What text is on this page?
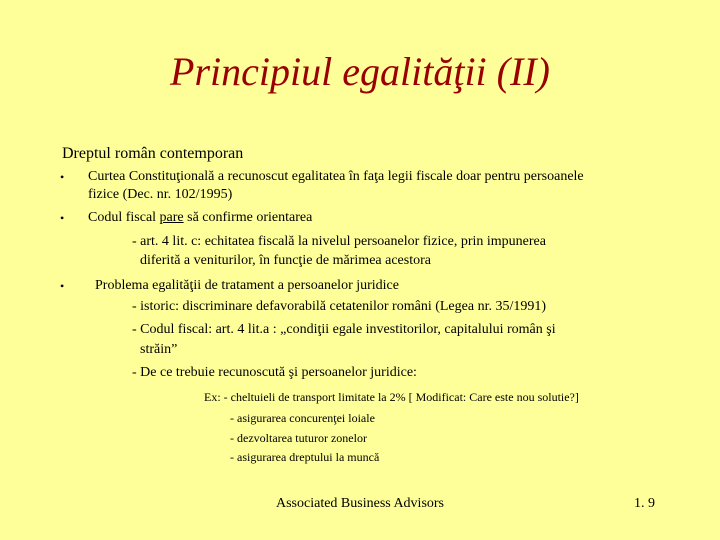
Principiul egalităţii (II)
Dreptul român contemporan
• Curtea Constituţională a recunoscut egalitatea în faţa legii fiscale doar pentru persoanele
fizice (Dec. nr. 102/1995)
• Codul fiscal pare să confirme orientarea
- art. 4 lit. c: echitatea fiscală la nivelul persoanelor fizice, prin impunerea
diferită a veniturilor, în funcţie de mărimea acestora
• Problema egalităţii de tratament a persoanelor juridice
- istoric: discriminare defavorabilă cetatenilor români (Legea nr. 35/1991)
- Codul fiscal: art. 4 lit.a : „condiţii egale investitorilor, capitalului român şi
străin”
- De ce trebuie recunoscută şi persoanelor juridice:
Ex: - cheltuieli de transport limitate la 2% [ Modificat: Care este nou solutie?]
- asigurarea concurenţei loiale
- dezvoltarea tuturor zonelor
- asigurarea dreptului la muncă
Associated Business Advisors	1. 9
